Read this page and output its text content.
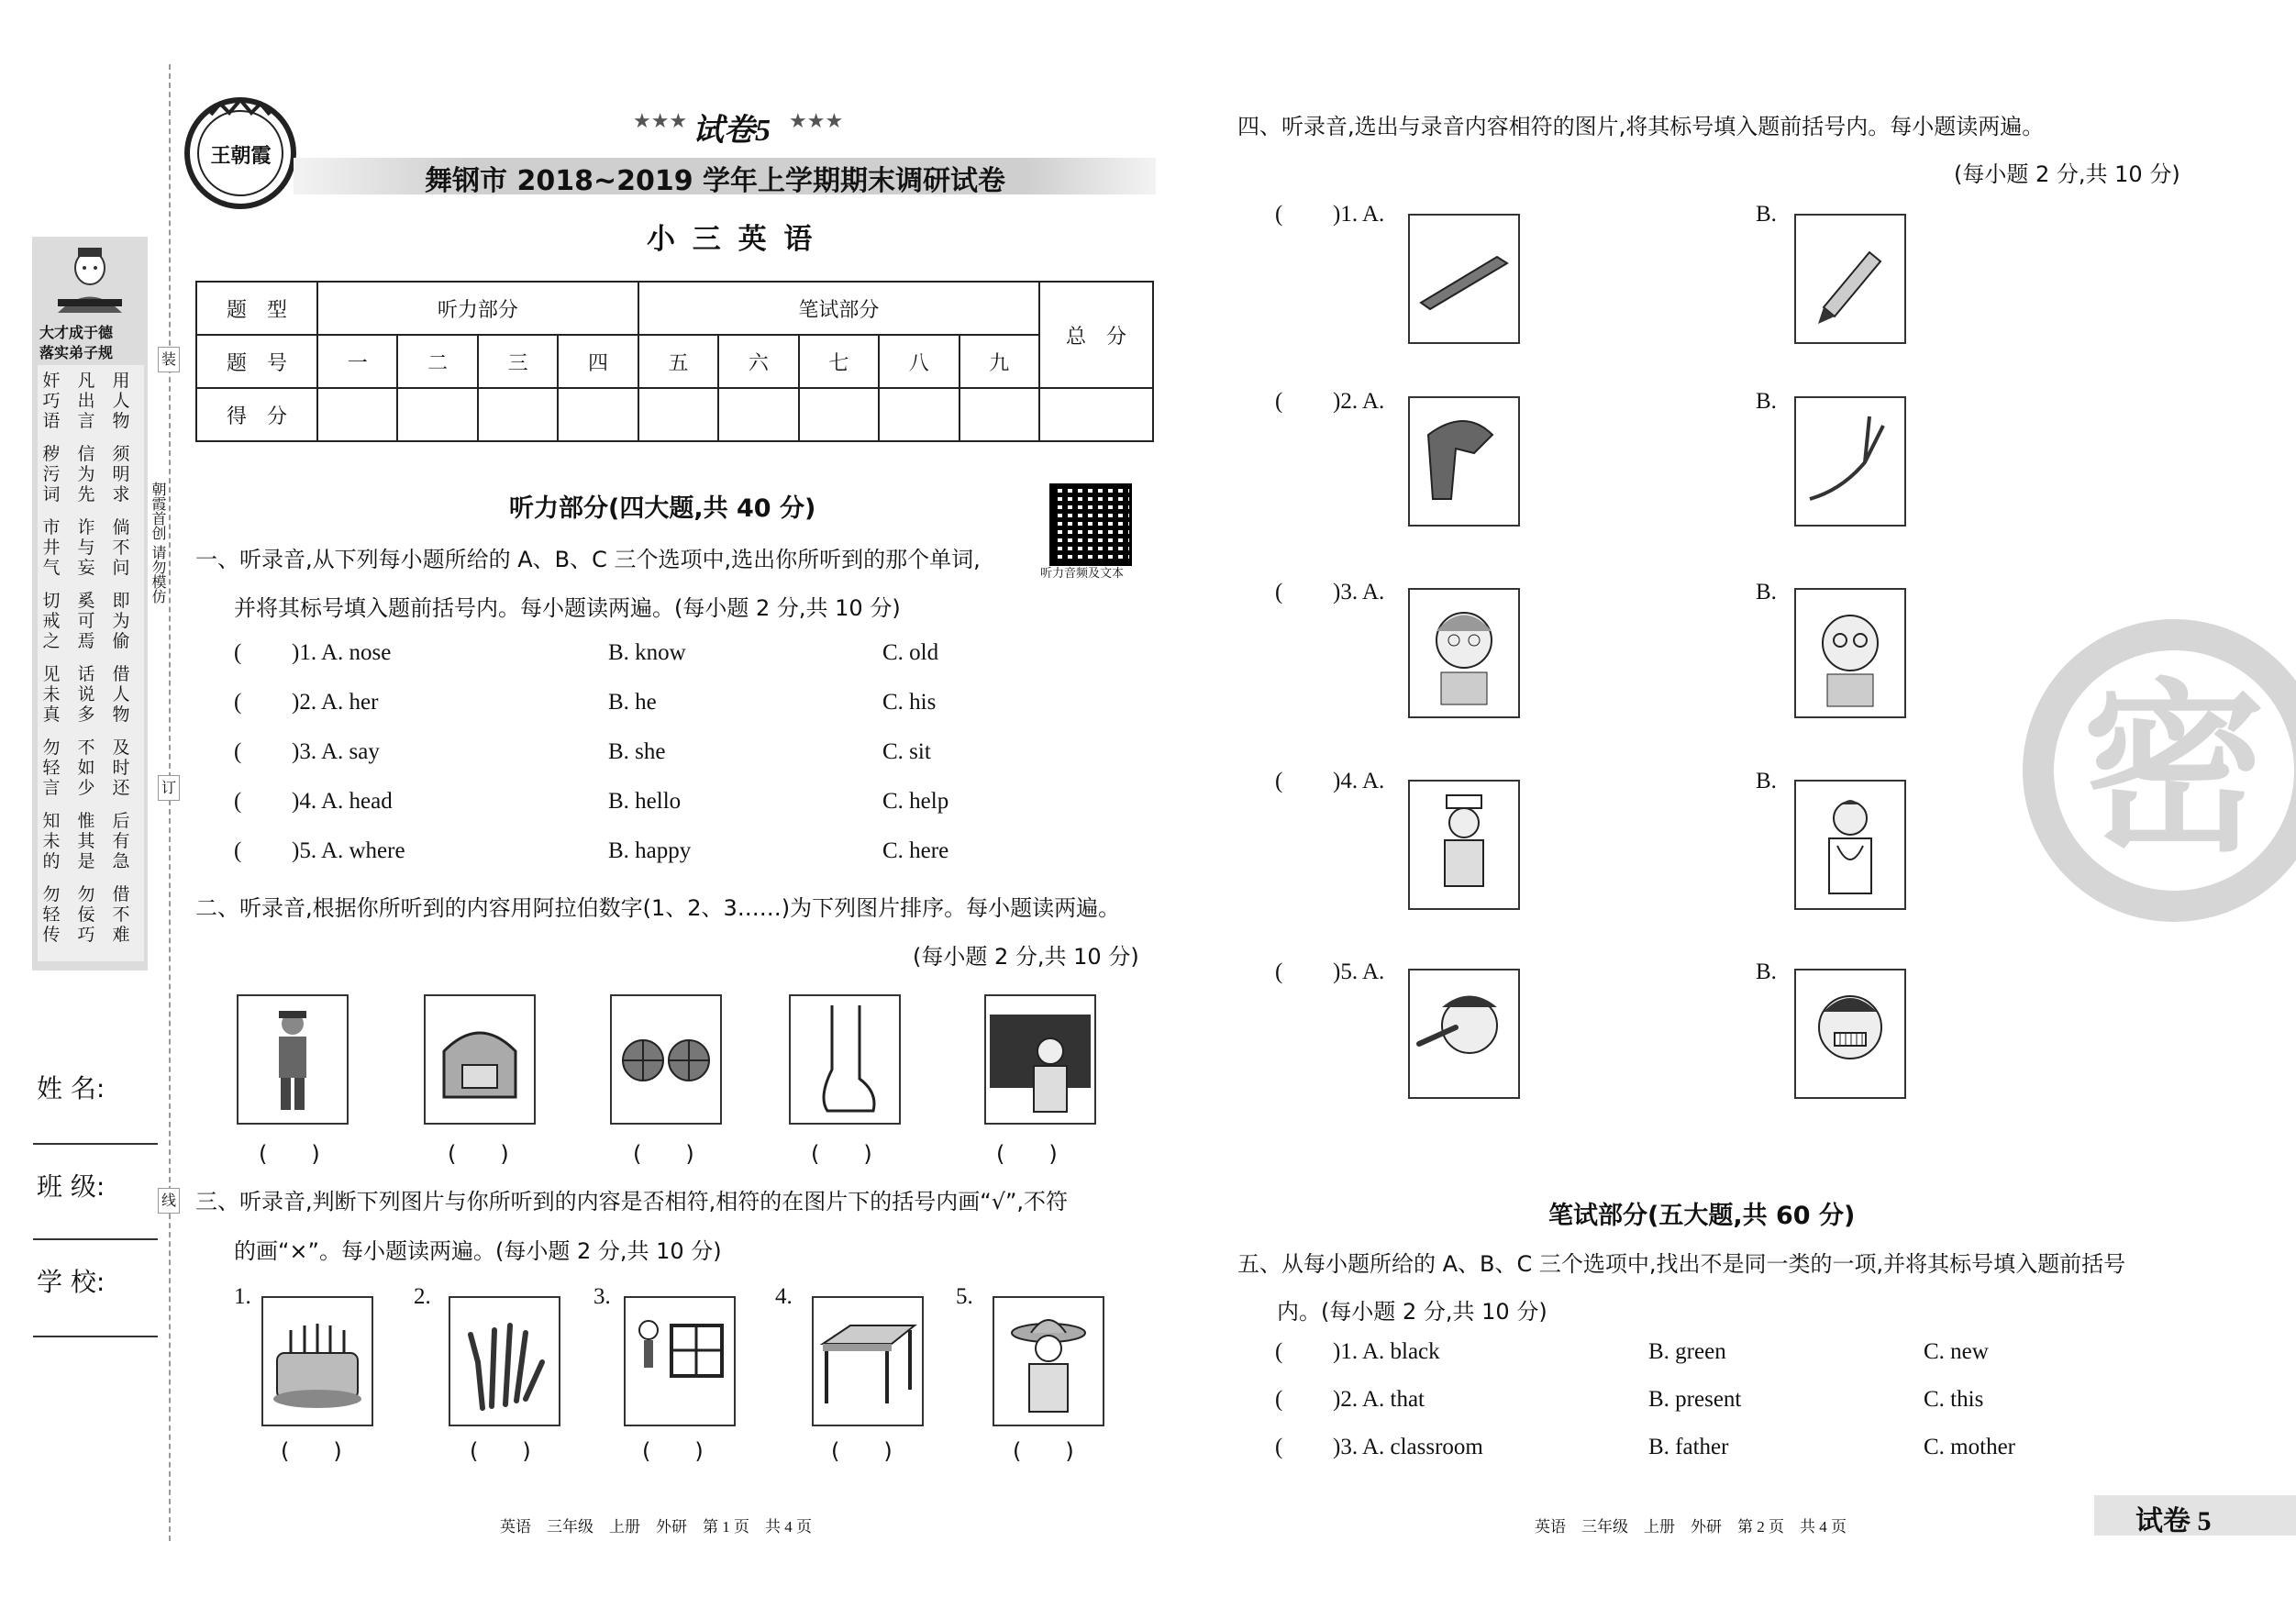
大才成于德
落实弟子规
奸巧语
凡出言
用人物
秽污词
信为先
须明求
市井气
诈与妄
倘不问
切戒之
奚可焉
即为偷
见未真
话说多
借人物
勿轻言
不如少
及时还
知未的
惟其是
后有急
勿轻传
勿佞巧
借不难
装
订
线
朝霞首创 请勿模仿
姓 名:
班 级:
学 校:
王朝霞
★★★ 试卷5 ★★★
舞钢市 2018~2019 学年上学期期末调研试卷
小 三 英 语
题　型	听力部分				笔试部分					总　分
题　号	一	二	三	四	五	六	七	八	九	
得　分										
听力部分(四大题,共 40 分)
听力音频及文本
一、听录音,从下列每小题所给的 A、B、C 三个选项中,选出你所听到的那个单词,
并将其标号填入题前括号内。每小题读两遍。(每小题 2 分,共 10 分)
( )1. A. nose	B. know	C. old
( )2. A. her	B. he	C. his
( )3. A. say	B. she	C. sit
( )4. A. head	B. hello	C. help
( )5. A. where	B. happy	C. here
二、听录音,根据你所听到的内容用阿拉伯数字(1、2、3……)为下列图片排序。每小题读两遍。
(每小题 2 分,共 10 分)
(　　)	(　　)	(　　)	(　　)	(　　)
三、听录音,判断下列图片与你所听到的内容是否相符,相符的在图片下的括号内画“√”,不符
的画“×”。每小题读两遍。(每小题 2 分,共 10 分)
1.	2.	3.	4.	5.
(　　)	(　　)	(　　)	(　　)	(　　)
英语　三年级　上册　外研　第 1 页　共 4 页
四、听录音,选出与录音内容相符的图片,将其标号填入题前括号内。每小题读两遍。
(每小题 2 分,共 10 分)
( )1. A.	B.
( )2. A.	B.
( )3. A.	B.
( )4. A.	B.
( )5. A.	B.
笔试部分(五大题,共 60 分)
五、从每小题所给的 A、B、C 三个选项中,找出不是同一类的一项,并将其标号填入题前括号
内。(每小题 2 分,共 10 分)
( )1. A. black	B. green	C. new
( )2. A. that	B. present	C. this
( )3. A. classroom	B. father	C. mother
英语　三年级　上册　外研　第 2 页　共 4 页	试卷 5
密
